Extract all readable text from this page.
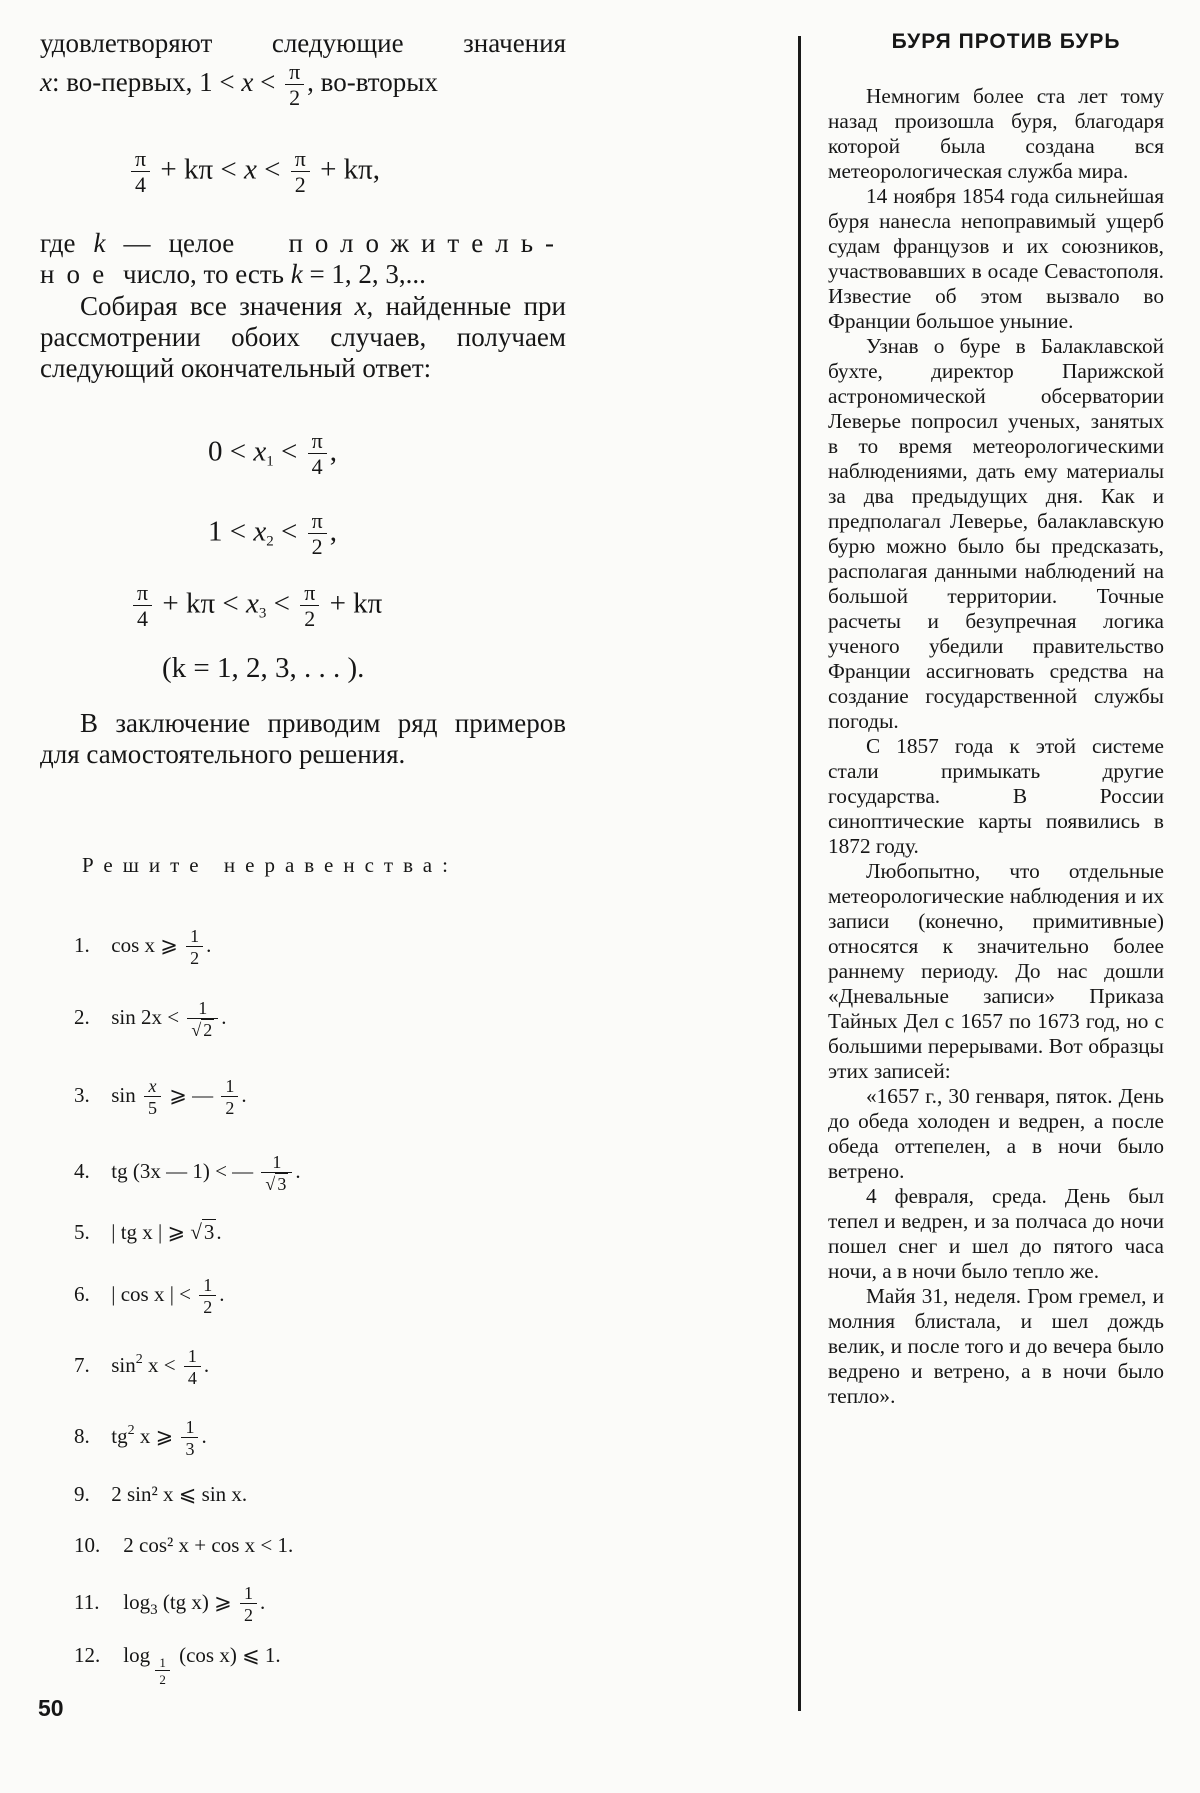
удовлетворяют следующие значения

x: во-первых, $1 < x < \frac{\pi}{2}$ , во-вторых

$\frac{\pi}{4} + k\pi < x < \frac{\pi}{2} + k\pi$,

где k — целое положитель-

ное число, то есть k = 1, 2, 3,...

Собирая все значения x, найденные при рассмотрении обоих случаев, получаем следующий окончательный ответ:

$0 < x_1 < \frac{\pi}{4}$ ,
$1 < x_2 < \frac{\pi}{2}$ ,
$\frac{\pi}{4} + k\pi < x_3 < \frac{\pi}{2} + k\pi$
(k = 1, 2, 3, . . . ).

В заключение приводим ряд примеров для самостоятельного решения.

Решите неравенства:
1. cos x ⩾ $\frac{1}{2}$ .
2. $\sin 2x < \frac{1}{√ 2}$ .
3. $\sin \frac{x}{5}$ ⩾ — $\frac{1}{2}$ .
4. tg (3x — 1) < — $\frac{1}{√ 3}$ .
5. | tg x | ⩾ √3.
6. | cos x | < $\frac{1}{2}$ .
7. $\sin^2 x < \frac{1}{4}$ .
8. $tg^2$ x ⩾ $\frac{1}{3}$ .
9. 2 sin² x ⩽ sin x.
10. 2 cos² x + cos x < 1.
11. $\log_3 (tg$ x) ⩾ $\frac{1}{2}$ .
12. log
$\frac{1}{2}$
(cos x) ⩽ 1.
50
БУРЯ ПРОТИВ БУРЬ

Немногим более ста лет тому назад произошла буря, благодаря которой была создана вся метеорологическая служба мира.

14 ноября 1854 года сильнейшая буря нанесла непоправимый ущерб судам французов и их союзников, участвовавших в осаде Севастополя. Известие об этом вызвало во Франции большое уныние.

Узнав о буре в Балаклавской бухте, директор Парижской астрономической обсерватории Леверье попросил ученых, занятых в то время метеорологическими наблюдениями, дать ему материалы за два предыдущих дня. Как и предполагал Леверье, балаклавскую бурю можно было бы предсказать, располагая данными наблюдений на большой территории. Точные расчеты и безупречная логика ученого убедили правительство Франции ассигновать средства на создание государственной службы погоды.

С 1857 года к этой системе стали примыкать другие государства. В России синоптические карты появились в 1872 году.

Любопытно, что отдельные метеорологические наблюдения и их записи (конечно, примитивные) относятся к значительно более раннему периоду. До нас дошли «Дневальные записи» Приказа Тайных Дел с 1657 по 1673 год, но с большими перерывами. Вот образцы этих записей:

«1657 г., 30 генваря, пяток. День до обеда холоден и ведрен, а после обеда оттепелен, а в ночи было ветрено.

4 февраля, среда. День был тепел и ведрен, и за полчаса до ночи пошел снег и шел до пятого часа ночи, а в ночи было тепло же.

Майя 31, неделя. Гром гремел, и молния блистала, и шел дождь велик, и после того и до вечера было ведрено и ветрено, а в ночи было тепло».
